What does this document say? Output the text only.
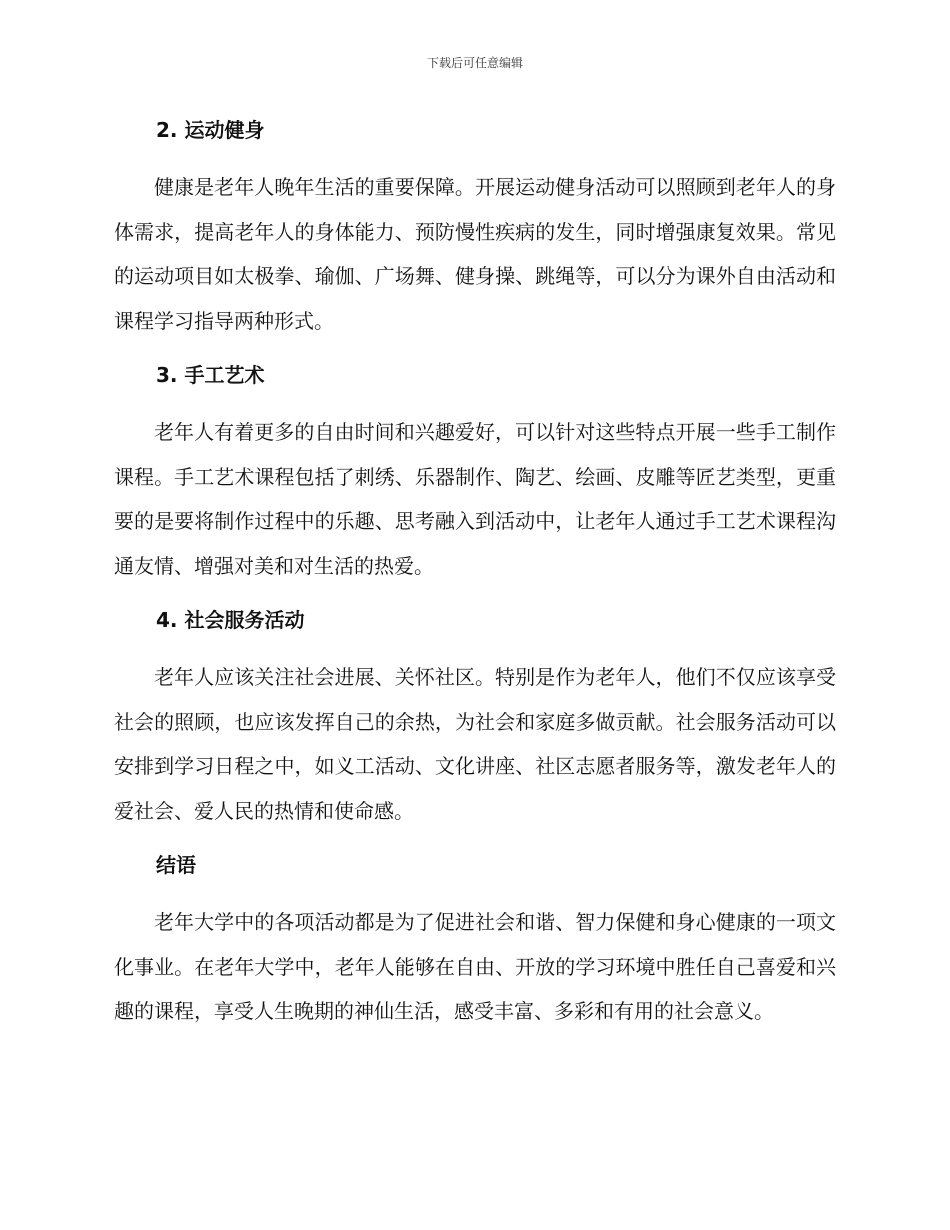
下载后可任意编辑
2. 运动健身

健康是老年人晚年生活的重要保障。开展运动健身活动可以照顾到老年人的身体需求，提高老年人的身体能力、预防慢性疾病的发生，同时增强康复效果。常见的运动项目如太极拳、瑜伽、广场舞、健身操、跳绳等，可以分为课外自由活动和课程学习指导两种形式。

3. 手工艺术

老年人有着更多的自由时间和兴趣爱好，可以针对这些特点开展一些手工制作课程。手工艺术课程包括了刺绣、乐器制作、陶艺、绘画、皮雕等匠艺类型，更重要的是要将制作过程中的乐趣、思考融入到活动中，让老年人通过手工艺术课程沟通友情、增强对美和对生活的热爱。

4. 社会服务活动

老年人应该关注社会进展、关怀社区。特别是作为老年人，他们不仅应该享受社会的照顾，也应该发挥自己的余热，为社会和家庭多做贡献。社会服务活动可以安排到学习日程之中，如义工活动、文化讲座、社区志愿者服务等，激发老年人的爱社会、爱人民的热情和使命感。

结语

老年大学中的各项活动都是为了促进社会和谐、智力保健和身心健康的一项文化事业。在老年大学中，老年人能够在自由、开放的学习环境中胜任自己喜爱和兴趣的课程，享受人生晚期的神仙生活，感受丰富、多彩和有用的社会意义。
